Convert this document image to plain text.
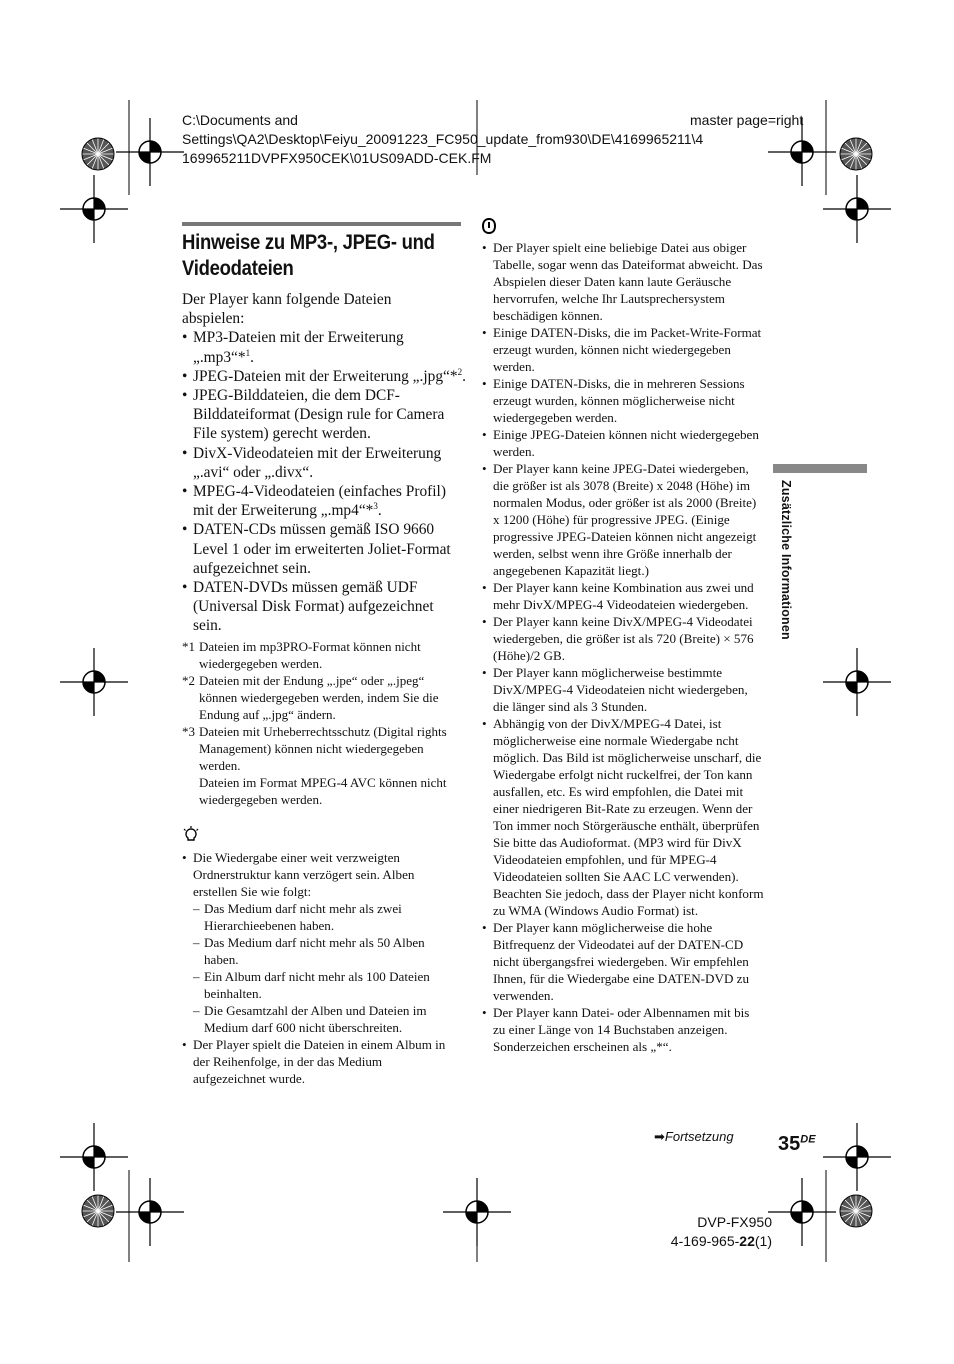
C:\Documents and
Settings\QA2\Desktop\Feiyu_20091223_FC950_update_from930\DE\4169965211\4
169965211DVPFX950CEK\01US09ADD-CEK.FM
master page=right
Hinweise zu MP3-, JPEG- und
Videodateien
Der Player kann folgende Dateien abspielen:
• MP3-Dateien mit der Erweiterung „.mp3“*$^1$.
• JPEG-Dateien mit der Erweiterung „.jpg“*$^2$.
• JPEG-Bilddateien, die dem DCF-Bilddateiformat (Design rule for Camera File system) gerecht werden.
• DivX-Videodateien mit der Erweiterung „.avi“ oder „.divx“.
• MPEG-4-Videodateien (einfaches Profil) mit der Erweiterung „.mp4“*$^3$.
• DATEN-CDs müssen gemäß ISO 9660 Level 1 oder im erweiterten Joliet-Format aufgezeichnet sein.
• DATEN-DVDs müssen gemäß UDF (Universal Disk Format) aufgezeichnet sein.
*1 Dateien im mp3PRO-Format können nicht wiedergegeben werden.
*2 Dateien mit der Endung „.jpe“ oder „.jpeg“ können wiedergegeben werden, indem Sie die Endung auf „.jpg“ ändern.
*3 Dateien mit Urheberrechtsschutz (Digital rights Management) können nicht wiedergegeben werden.
Dateien im Format MPEG-4 AVC können nicht wiedergegeben werden.
• Die Wiedergabe einer weit verzweigten Ordnerstruktur kann verzögert sein. Alben erstellen Sie wie folgt:
– Das Medium darf nicht mehr als zwei Hierarchieebenen haben.
– Das Medium darf nicht mehr als 50 Alben haben.
– Ein Album darf nicht mehr als 100 Dateien beinhalten.
– Die Gesamtzahl der Alben und Dateien im Medium darf 600 nicht überschreiten.
• Der Player spielt die Dateien in einem Album in der Reihenfolge, in der das Medium aufgezeichnet wurde.
• Der Player spielt eine beliebige Datei aus obiger Tabelle, sogar wenn das Dateiformat abweicht. Das Abspielen dieser Daten kann laute Geräusche hervorrufen, welche Ihr Lautsprechersystem beschädigen können.
• Einige DATEN-Disks, die im Packet-Write-Format erzeugt wurden, können nicht wiedergegeben werden.
• Einige DATEN-Disks, die in mehreren Sessions erzeugt wurden, können möglicherweise nicht wiedergegeben werden.
• Einige JPEG-Dateien können nicht wiedergegeben werden.
• Der Player kann keine JPEG-Datei wiedergeben, die größer ist als 3078 (Breite) x 2048 (Höhe) im normalen Modus, oder größer ist als 2000 (Breite) x 1200 (Höhe) für progressive JPEG. (Einige progressive JPEG-Dateien können nicht angezeigt werden, selbst wenn ihre Größe innerhalb der angegebenen Kapazität liegt.)
• Der Player kann keine Kombination aus zwei und mehr DivX/MPEG-4 Videodateien wiedergeben.
• Der Player kann keine DivX/MPEG-4 Videodatei wiedergeben, die größer ist als 720 (Breite) × 576 (Höhe)/2 GB.
• Der Player kann möglicherweise bestimmte DivX/MPEG-4 Videodateien nicht wiedergeben, die länger sind als 3 Stunden.
• Abhängig von der DivX/MPEG-4 Datei, ist möglicherweise eine normale Wiedergabe ncht möglich. Das Bild ist möglicherweise unscharf, die Wiedergabe erfolgt nicht ruckelfrei, der Ton kann ausfallen, etc. Es wird empfohlen, die Datei mit einer niedrigeren Bit-Rate zu erzeugen. Wenn der Ton immer noch Störgeräusche enthält, überprüfen Sie bitte das Audioformat. (MP3 wird für DivX Videodateien empfohlen, und für MPEG-4 Videodateien sollten Sie AAC LC verwenden). Beachten Sie jedoch, dass der Player nicht konform zu WMA (Windows Audio Format) ist.
• Der Player kann möglicherweise die hohe Bitfrequenz der Videodatei auf der DATEN-CD nicht übergangsfrei wiedergeben. Wir empfehlen Ihnen, für die Wiedergabe eine DATEN-DVD zu verwenden.
• Der Player kann Datei- oder Albennamen mit bis zu einer Länge von 14 Buchstaben anzeigen. Sonderzeichen erscheinen als „*“.
Zusätzliche Informationen
➡Fortsetzung 35DE
DVP-FX950
4-169-965-22(1)
